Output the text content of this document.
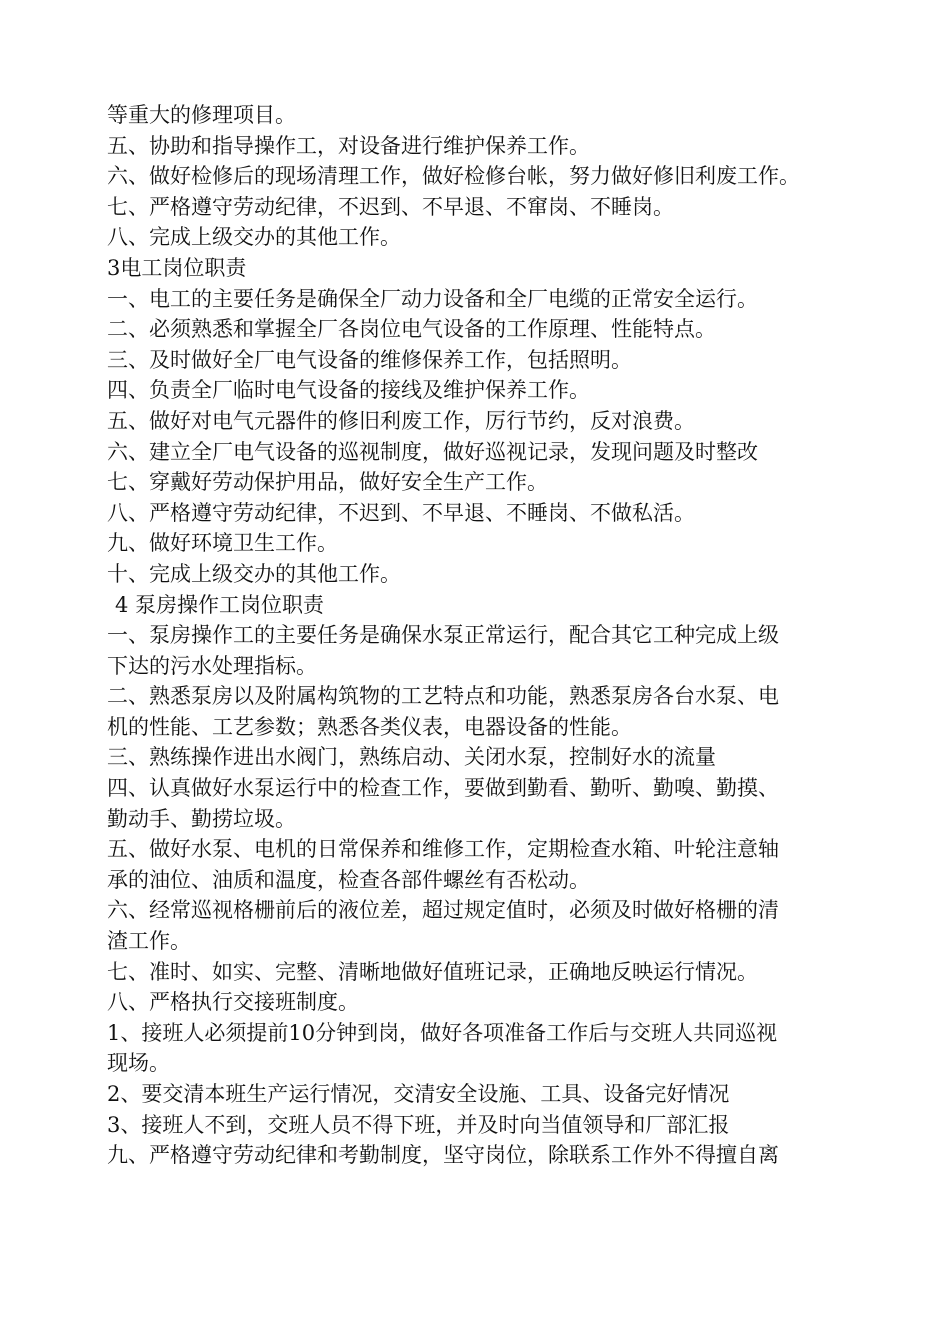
等重大的修理项目。
五、协助和指导操作工，对设备进行维护保养工作。
六、做好检修后的现场清理工作，做好检修台帐，努力做好修旧利废工作。
七、严格遵守劳动纪律，不迟到、不早退、不窜岗、不睡岗。
八、完成上级交办的其他工作。
3电工岗位职责
一、电工的主要任务是确保全厂动力设备和全厂电缆的正常安全运行。
二、必须熟悉和掌握全厂各岗位电气设备的工作原理、性能特点。
三、及时做好全厂电气设备的维修保养工作，包括照明。
四、负责全厂临时电气设备的接线及维护保养工作。
五、做好对电气元器件的修旧利废工作，厉行节约，反对浪费。
六、建立全厂电气设备的巡视制度，做好巡视记录，发现问题及时整改
七、穿戴好劳动保护用品，做好安全生产工作。
八、严格遵守劳动纪律，不迟到、不早退、不睡岗、不做私活。
九、做好环境卫生工作。
十、完成上级交办的其他工作。
4 泵房操作工岗位职责
一、泵房操作工的主要任务是确保水泵正常运行，配合其它工种完成上级
下达的污水处理指标。
二、熟悉泵房以及附属构筑物的工艺特点和功能，熟悉泵房各台水泵、电
机的性能、工艺参数；熟悉各类仪表，电器设备的性能。
三、熟练操作进出水阀门，熟练启动、关闭水泵，控制好水的流量
四、认真做好水泵运行中的检查工作，要做到勤看、勤听、勤嗅、勤摸、
勤动手、勤捞垃圾。
五、做好水泵、电机的日常保养和维修工作，定期检查水箱、叶轮注意轴
承的油位、油质和温度，检查各部件螺丝有否松动。
六、经常巡视格栅前后的液位差，超过规定值时，必须及时做好格栅的清
渣工作。
七、准时、如实、完整、清晰地做好值班记录，正确地反映运行情况。
八、严格执行交接班制度。
1、接班人必须提前10分钟到岗，做好各项准备工作后与交班人共同巡视
现场。
2、要交清本班生产运行情况，交清安全设施、工具、设备完好情况
3、接班人不到，交班人员不得下班，并及时向当值领导和厂部汇报
九、严格遵守劳动纪律和考勤制度，坚守岗位，除联系工作外不得擅自离
